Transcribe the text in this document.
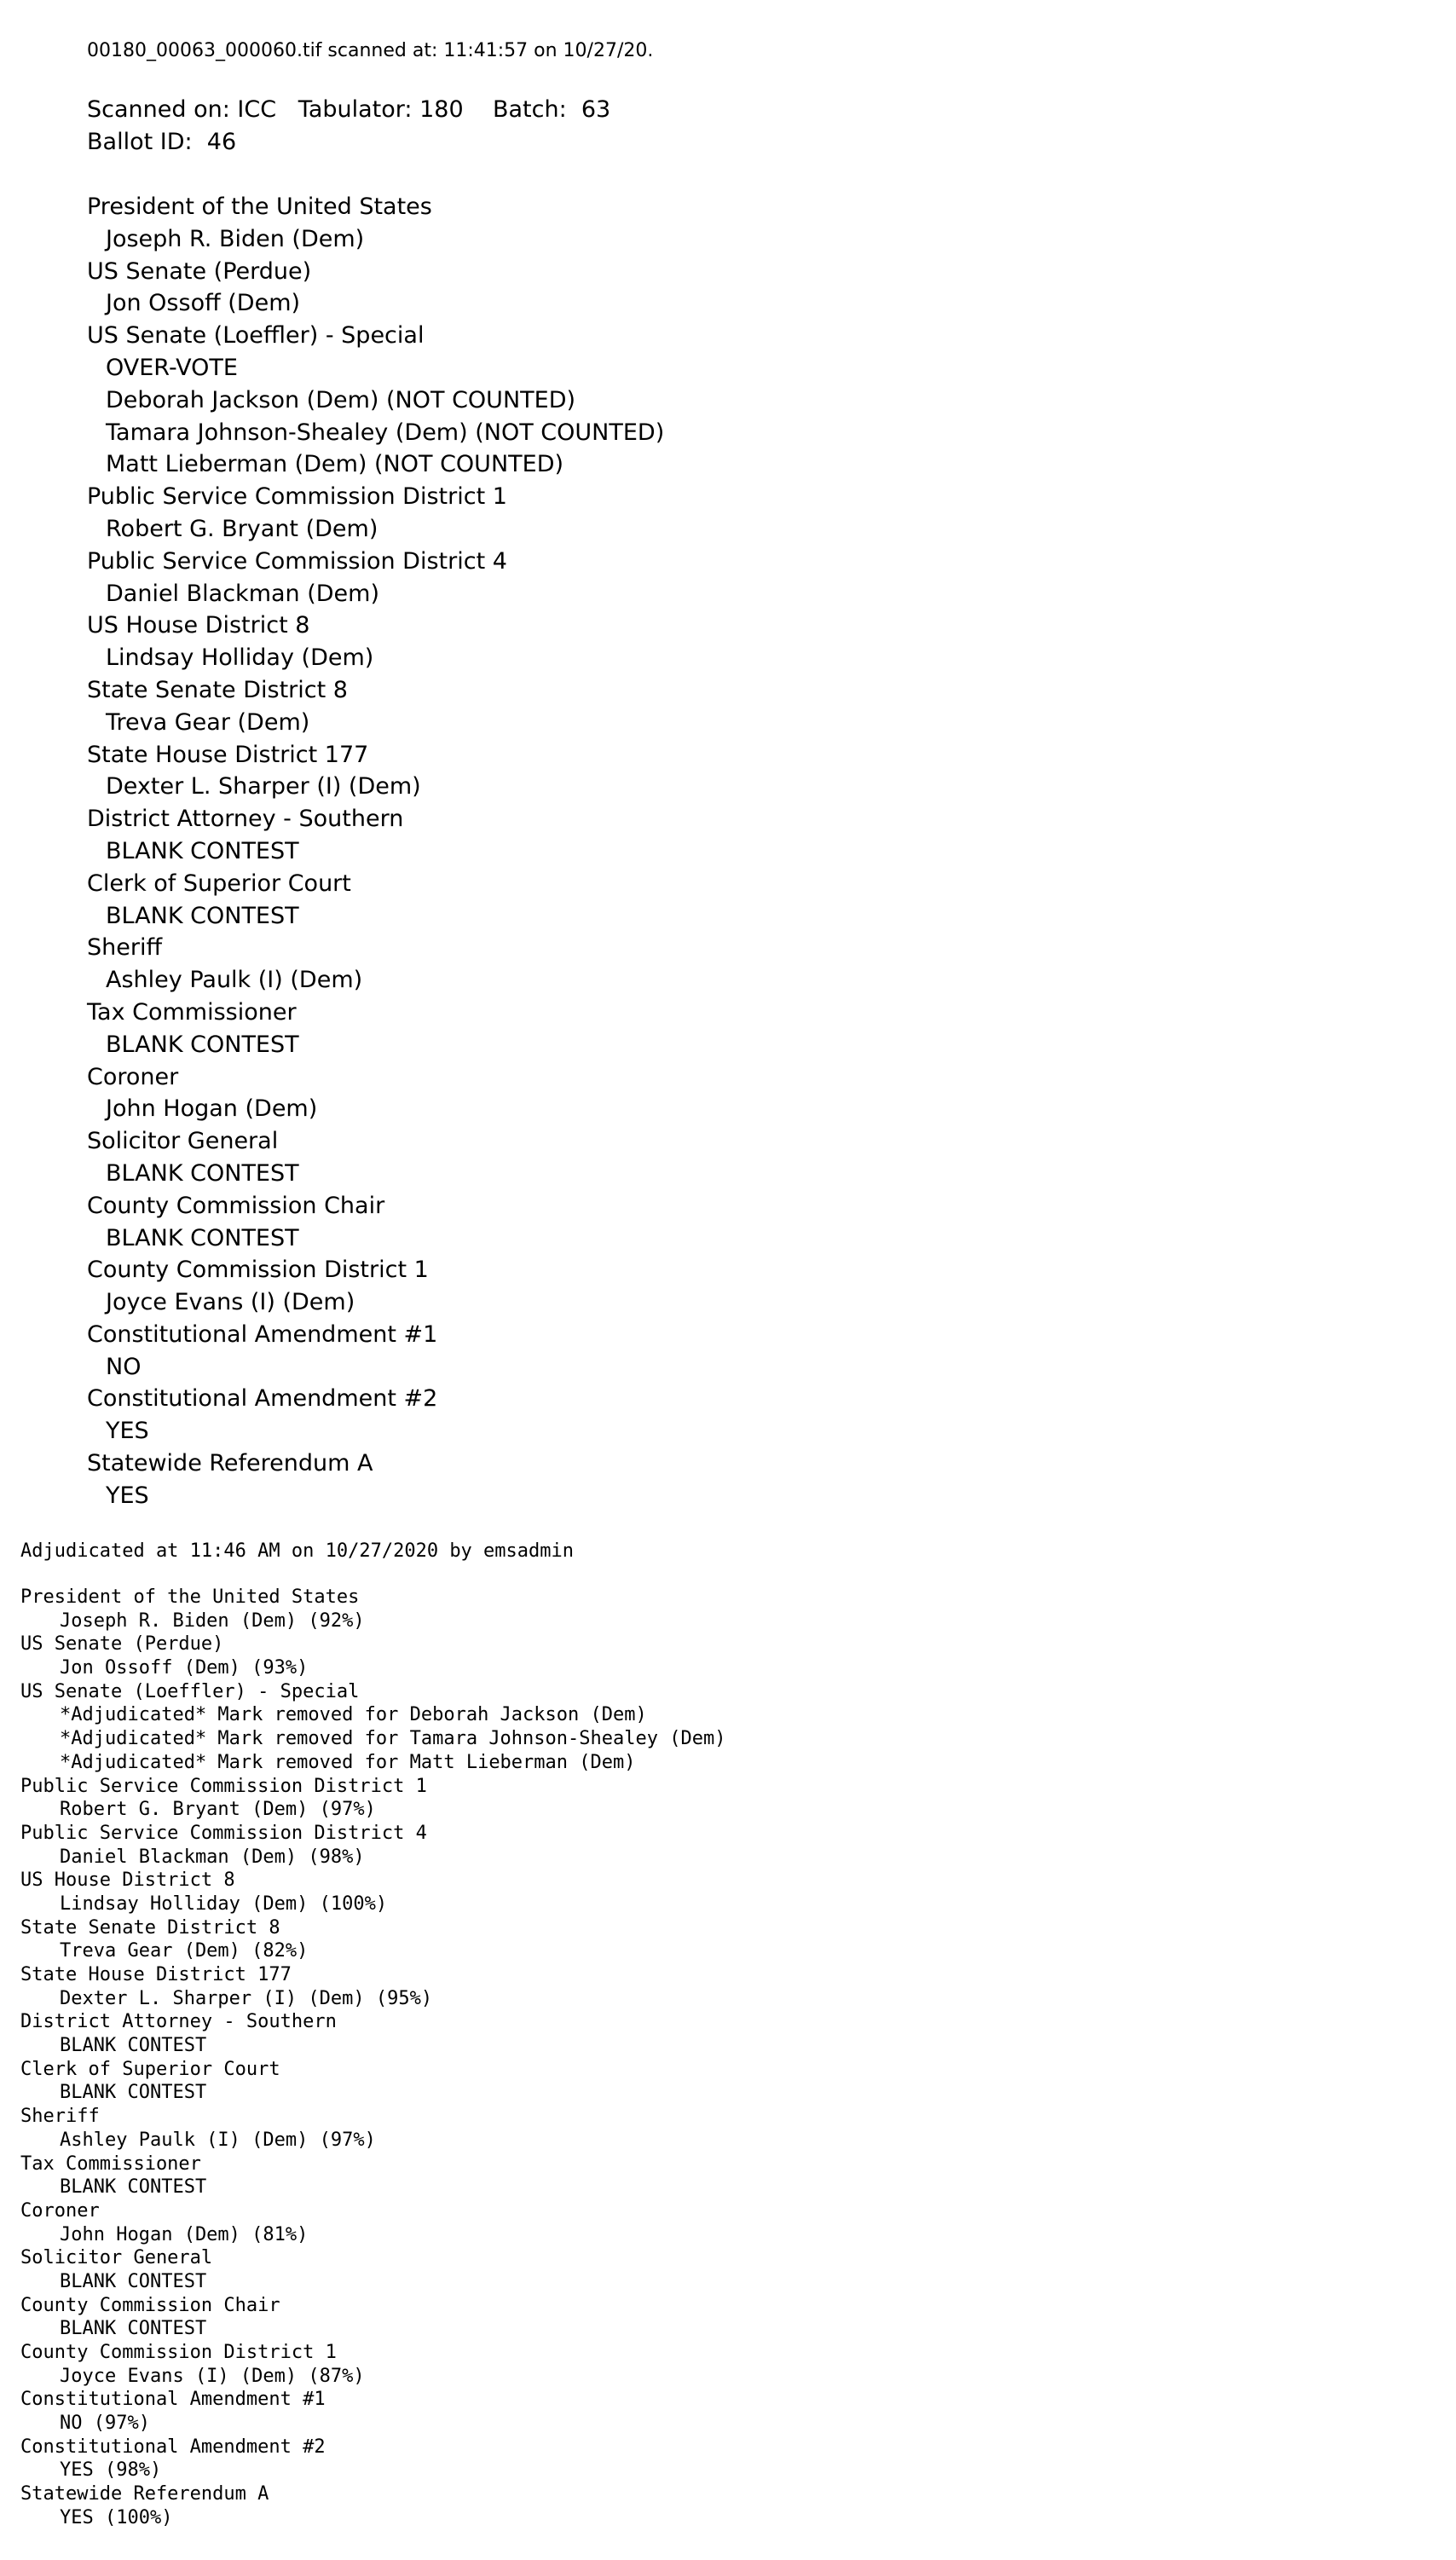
00180_00063_000060.tif scanned at: 11:41:57 on 10/27/20.
Scanned on: ICC   Tabulator: 180    Batch:  63
Ballot ID:  46
President of the United States
Joseph R. Biden (Dem)
US Senate (Perdue)
Jon Ossoff (Dem)
US Senate (Loeffler) - Special
OVER-VOTE
Deborah Jackson (Dem) (NOT COUNTED)
Tamara Johnson-Shealey (Dem) (NOT COUNTED)
Matt Lieberman (Dem) (NOT COUNTED)
Public Service Commission District 1
Robert G. Bryant (Dem)
Public Service Commission District 4
Daniel Blackman (Dem)
US House District 8
Lindsay Holliday (Dem)
State Senate District 8
Treva Gear (Dem)
State House District 177
Dexter L. Sharper (I) (Dem)
District Attorney - Southern
BLANK CONTEST
Clerk of Superior Court
BLANK CONTEST
Sheriff
Ashley Paulk (I) (Dem)
Tax Commissioner
BLANK CONTEST
Coroner
John Hogan (Dem)
Solicitor General
BLANK CONTEST
County Commission Chair
BLANK CONTEST
County Commission District 1
Joyce Evans (I) (Dem)
Constitutional Amendment #1
NO
Constitutional Amendment #2
YES
Statewide Referendum A
YES
Adjudicated at 11:46 AM on 10/27/2020 by emsadmin
President of the United States
Joseph R. Biden (Dem) (92%)
US Senate (Perdue)
Jon Ossoff (Dem) (93%)
US Senate (Loeffler) - Special
*Adjudicated* Mark removed for Deborah Jackson (Dem)
*Adjudicated* Mark removed for Tamara Johnson-Shealey (Dem)
*Adjudicated* Mark removed for Matt Lieberman (Dem)
Public Service Commission District 1
Robert G. Bryant (Dem) (97%)
Public Service Commission District 4
Daniel Blackman (Dem) (98%)
US House District 8
Lindsay Holliday (Dem) (100%)
State Senate District 8
Treva Gear (Dem) (82%)
State House District 177
Dexter L. Sharper (I) (Dem) (95%)
District Attorney - Southern
BLANK CONTEST
Clerk of Superior Court
BLANK CONTEST
Sheriff
Ashley Paulk (I) (Dem) (97%)
Tax Commissioner
BLANK CONTEST
Coroner
John Hogan (Dem) (81%)
Solicitor General
BLANK CONTEST
County Commission Chair
BLANK CONTEST
County Commission District 1
Joyce Evans (I) (Dem) (87%)
Constitutional Amendment #1
NO (97%)
Constitutional Amendment #2
YES (98%)
Statewide Referendum A
YES (100%)
